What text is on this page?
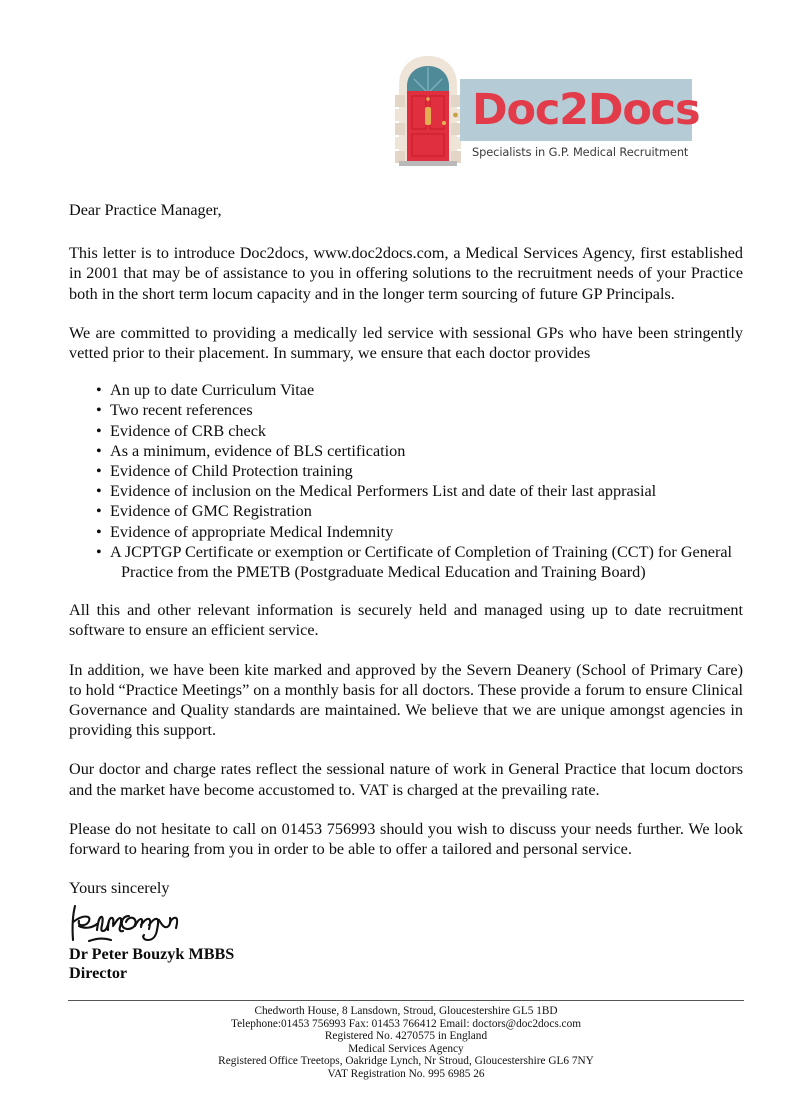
Doc2Docs
Specialists in G.P. Medical Recruitment

Dear Practice Manager,

This letter is to introduce Doc2docs, www.doc2docs.com, a Medical Services Agency, first established in 2001 that may be of assistance to you in offering solutions to the recruitment needs of your Practice both in the short term locum capacity and in the longer term sourcing of future GP Principals.

We are committed to providing a medically led service with sessional GPs who have been stringently vetted prior to their placement. In summary, we ensure that each doctor provides

• An up to date Curriculum Vitae
• Two recent references
• Evidence of CRB check
• As a minimum, evidence of BLS certification
• Evidence of Child Protection training
• Evidence of inclusion on the Medical Performers List and date of their last apprasial
• Evidence of GMC Registration
• Evidence of appropriate Medical Indemnity
• A JCPTGP Certificate or exemption or Certificate of Completion of Training (CCT) for General Practice from the PMETB (Postgraduate Medical Education and Training Board)

All this and other relevant information is securely held and managed using up to date recruitment software to ensure an efficient service.

In addition, we have been kite marked and approved by the Severn Deanery (School of Primary Care) to hold “Practice Meetings” on a monthly basis for all doctors. These provide a forum to ensure Clinical Governance and Quality standards are maintained. We believe that we are unique amongst agencies in providing this support.

Our doctor and charge rates reflect the sessional nature of work in General Practice that locum doctors and the market have become accustomed to. VAT is charged at the prevailing rate.

Please do not hesitate to call on 01453 756993 should you wish to discuss your needs further. We look forward to hearing from you in order to be able to offer a tailored and personal service.

Yours sincerely
Dr Peter Bouzyk MBBS
Director
Chedworth House, 8 Lansdown, Stroud, Gloucestershire GL5 1BD
Telephone:01453 756993 Fax: 01453 766412 Email: doctors@doc2docs.com
Registered No. 4270575 in England
Medical Services Agency
Registered Office Treetops, Oakridge Lynch, Nr Stroud, Gloucestershire GL6 7NY
VAT Registration No. 995 6985 26
